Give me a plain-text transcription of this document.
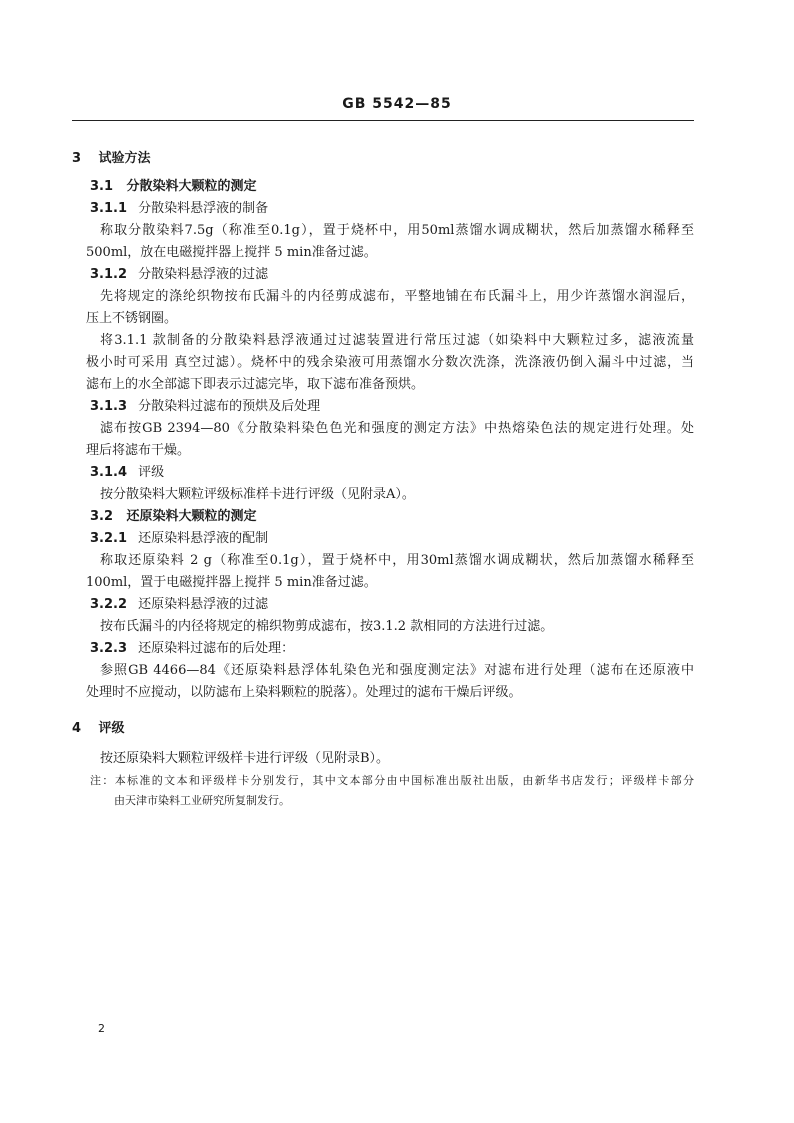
GB 5542—85
3 试验方法
3.1 分散染料大颗粒的测定
3.1.1 分散染料悬浮液的制备
称取分散染料7.5g（称准至0.1g），置于烧杯中，用50ml蒸馏水调成糊状，然后加蒸馏水稀释至
500ml，放在电磁搅拌器上搅拌 5 min准备过滤。
3.1.2 分散染料悬浮液的过滤
先将规定的涤纶织物按布氏漏斗的内径剪成滤布，平整地铺在布氏漏斗上，用少许蒸馏水润湿后，
压上不锈钢圈。
将3.1.1 款制备的分散染料悬浮液通过过滤装置进行常压过滤（如染料中大颗粒过多，滤液流量
极小时可采用 真空过滤）。烧杯中的残余染液可用蒸馏水分数次洗涤，洗涤液仍倒入漏斗中过滤，当
滤布上的水全部滤下即表示过滤完毕，取下滤布准备预烘。
3.1.3 分散染料过滤布的预烘及后处理
滤布按GB 2394—80《分散染料染色色光和强度的测定方法》中热熔染色法的规定进行处理。处
理后将滤布干燥。
3.1.4 评级
按分散染料大颗粒评级标准样卡进行评级（见附录A）。
3.2 还原染料大颗粒的测定
3.2.1 还原染料悬浮液的配制
称取还原染料 2 g（称准至0.1g），置于烧杯中，用30ml蒸馏水调成糊状，然后加蒸馏水稀释至
100ml，置于电磁搅拌器上搅拌 5 min准备过滤。
3.2.2 还原染料悬浮液的过滤
按布氏漏斗的内径将规定的棉织物剪成滤布，按3.1.2 款相同的方法进行过滤。
3.2.3 还原染料过滤布的后处理：
参照GB 4466—84《还原染料悬浮体轧染色光和强度测定法》对滤布进行处理（滤布在还原液中
处理时不应搅动，以防滤布上染料颗粒的脱落）。处理过的滤布干燥后评级。
4 评级
按还原染料大颗粒评级样卡进行评级（见附录B）。
注：本标准的文本和评级样卡分别发行，其中文本部分由中国标准出版社出版，由新华书店发行；评级样卡部分
由天津市染料工业研究所复制发行。
2
